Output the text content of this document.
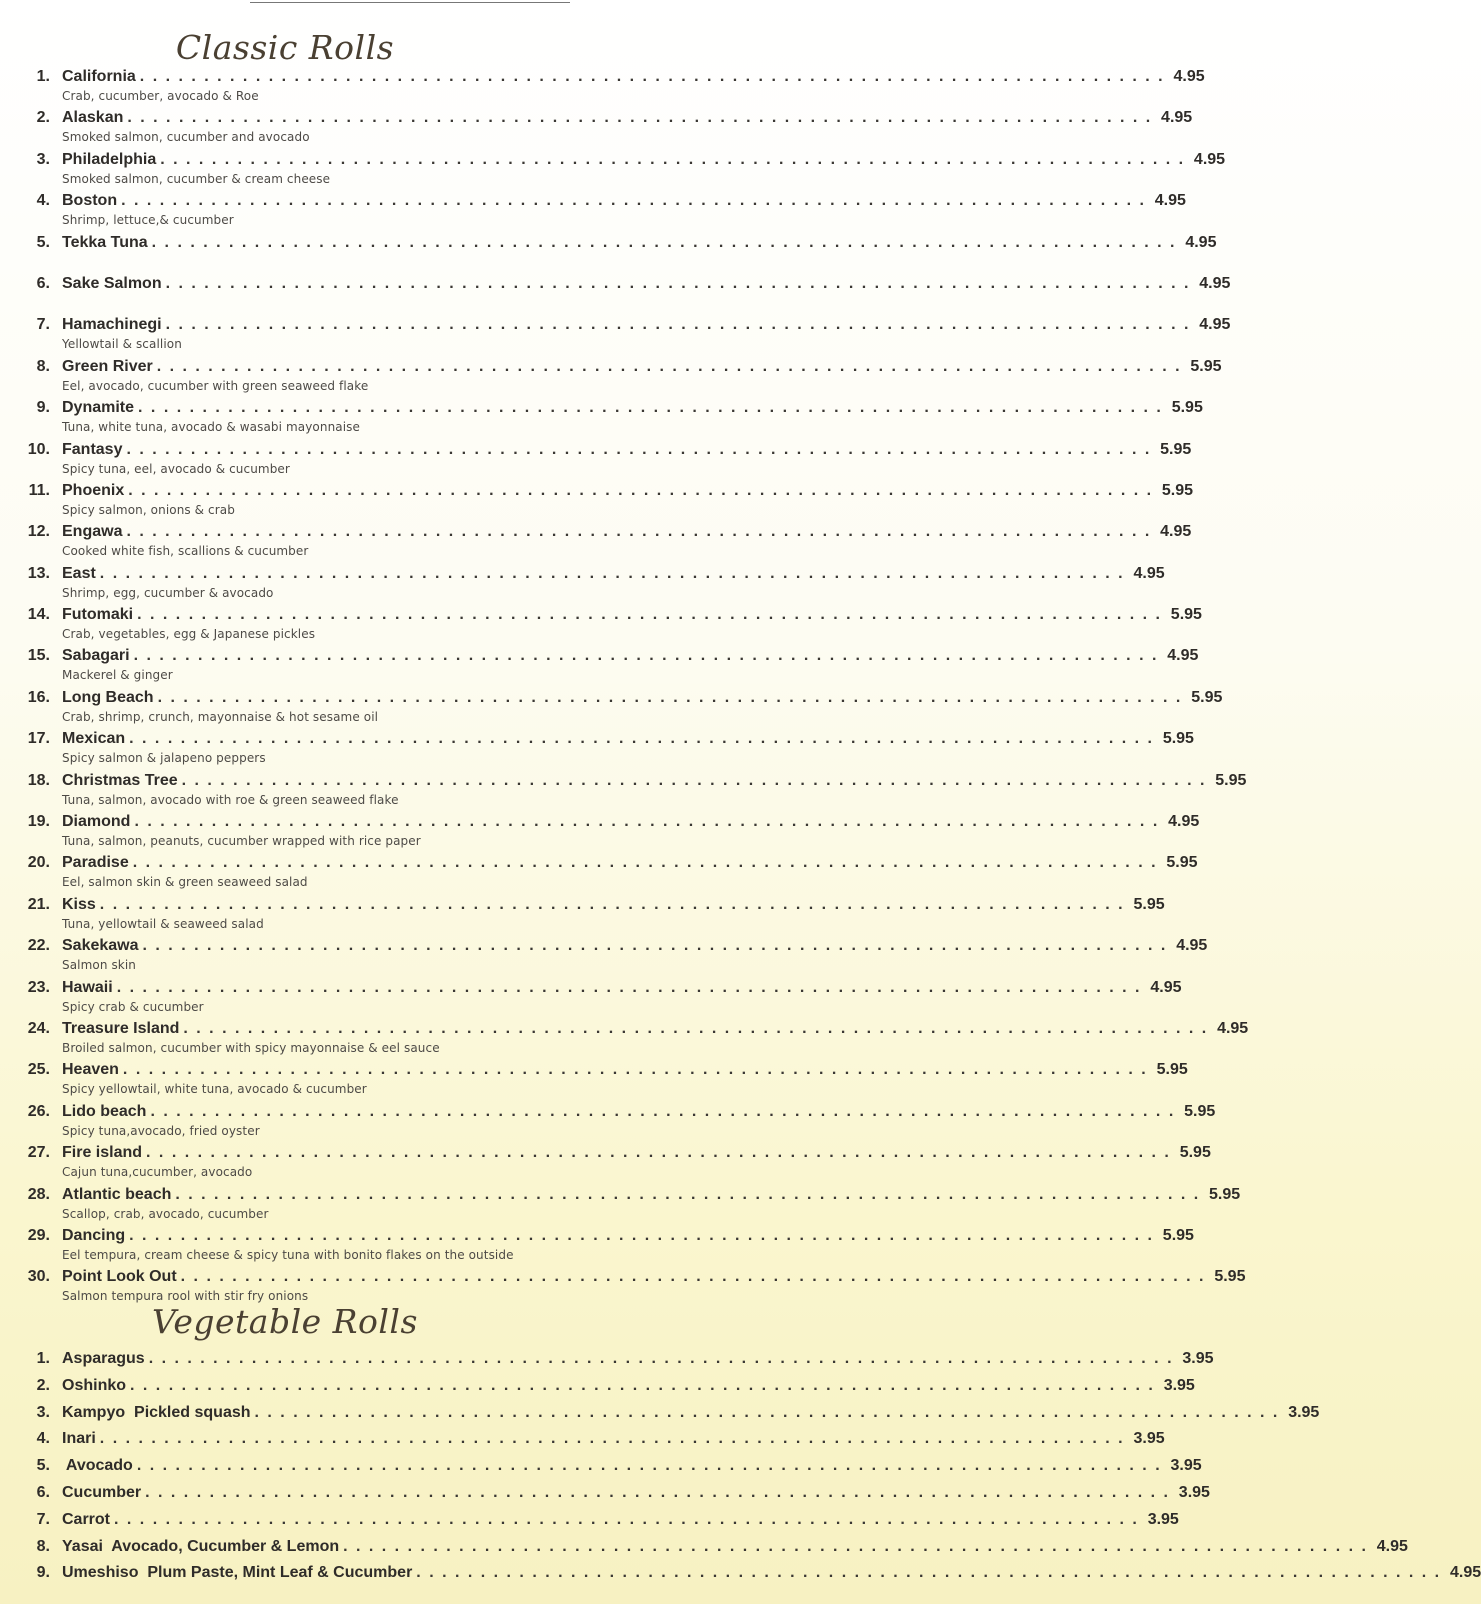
Classic Rolls
1. California . . . . . . . . . . . . . . . . . . . . . . . . . . . . . . . . . . . . . . . . . . . . . . . . . . . . . . . . . . . . . . . . . . . . . . . . . . . . . . . . 4.95
Crab, cucumber, avocado & Roe
2. Alaskan . . . . . . . . . . . . . . . . . . . . . . . . . . . . . . . . . . . . . . . . . . . . . . . . . . . . . . . . . . . . . . . . . . . . . . . . . . . . . . . . 4.95
Smoked salmon, cucumber and avocado
3. Philadelphia . . . . . . . . . . . . . . . . . . . . . . . . . . . . . . . . . . . . . . . . . . . . . . . . . . . . . . . . . . . . . . . . . . . . . . . . . . . . . . . . 4.95
Smoked salmon, cucumber & cream cheese
4. Boston . . . . . . . . . . . . . . . . . . . . . . . . . . . . . . . . . . . . . . . . . . . . . . . . . . . . . . . . . . . . . . . . . . . . . . . . . . . . . . . . 4.95
Shrimp, lettuce,& cucumber
5. Tekka Tuna . . . . . . . . . . . . . . . . . . . . . . . . . . . . . . . . . . . . . . . . . . . . . . . . . . . . . . . . . . . . . . . . . . . . . . . . . . . . . . . . 4.95
6. Sake Salmon . . . . . . . . . . . . . . . . . . . . . . . . . . . . . . . . . . . . . . . . . . . . . . . . . . . . . . . . . . . . . . . . . . . . . . . . . . . . . . . . 4.95
7. Hamachinegi . . . . . . . . . . . . . . . . . . . . . . . . . . . . . . . . . . . . . . . . . . . . . . . . . . . . . . . . . . . . . . . . . . . . . . . . . . . . . . . . 4.95
Yellowtail & scallion
8. Green River . . . . . . . . . . . . . . . . . . . . . . . . . . . . . . . . . . . . . . . . . . . . . . . . . . . . . . . . . . . . . . . . . . . . . . . . . . . . . . . . 5.95
Eel, avocado, cucumber with green seaweed flake
9. Dynamite . . . . . . . . . . . . . . . . . . . . . . . . . . . . . . . . . . . . . . . . . . . . . . . . . . . . . . . . . . . . . . . . . . . . . . . . . . . . . . . . 5.95
Tuna, white tuna, avocado & wasabi mayonnaise
10. Fantasy . . . . . . . . . . . . . . . . . . . . . . . . . . . . . . . . . . . . . . . . . . . . . . . . . . . . . . . . . . . . . . . . . . . . . . . . . . . . . . . . 5.95
Spicy tuna, eel, avocado & cucumber
11. Phoenix . . . . . . . . . . . . . . . . . . . . . . . . . . . . . . . . . . . . . . . . . . . . . . . . . . . . . . . . . . . . . . . . . . . . . . . . . . . . . . . . 5.95
Spicy salmon, onions & crab
12. Engawa . . . . . . . . . . . . . . . . . . . . . . . . . . . . . . . . . . . . . . . . . . . . . . . . . . . . . . . . . . . . . . . . . . . . . . . . . . . . . . . . 4.95
Cooked white fish, scallions & cucumber
13. East . . . . . . . . . . . . . . . . . . . . . . . . . . . . . . . . . . . . . . . . . . . . . . . . . . . . . . . . . . . . . . . . . . . . . . . . . . . . . . . . 4.95
Shrimp, egg, cucumber & avocado
14. Futomaki . . . . . . . . . . . . . . . . . . . . . . . . . . . . . . . . . . . . . . . . . . . . . . . . . . . . . . . . . . . . . . . . . . . . . . . . . . . . . . . . 5.95
Crab, vegetables, egg & Japanese pickles
15. Sabagari . . . . . . . . . . . . . . . . . . . . . . . . . . . . . . . . . . . . . . . . . . . . . . . . . . . . . . . . . . . . . . . . . . . . . . . . . . . . . . . . 4.95
Mackerel & ginger
16. Long Beach . . . . . . . . . . . . . . . . . . . . . . . . . . . . . . . . . . . . . . . . . . . . . . . . . . . . . . . . . . . . . . . . . . . . . . . . . . . . . . . . 5.95
Crab, shrimp, crunch, mayonnaise & hot sesame oil
17. Mexican . . . . . . . . . . . . . . . . . . . . . . . . . . . . . . . . . . . . . . . . . . . . . . . . . . . . . . . . . . . . . . . . . . . . . . . . . . . . . . . . 5.95
Spicy salmon & jalapeno peppers
18. Christmas Tree . . . . . . . . . . . . . . . . . . . . . . . . . . . . . . . . . . . . . . . . . . . . . . . . . . . . . . . . . . . . . . . . . . . . . . . . . . . . . . . . 5.95
Tuna, salmon, avocado with roe & green seaweed flake
19. Diamond . . . . . . . . . . . . . . . . . . . . . . . . . . . . . . . . . . . . . . . . . . . . . . . . . . . . . . . . . . . . . . . . . . . . . . . . . . . . . . . . 4.95
Tuna, salmon, peanuts, cucumber wrapped with rice paper
20. Paradise . . . . . . . . . . . . . . . . . . . . . . . . . . . . . . . . . . . . . . . . . . . . . . . . . . . . . . . . . . . . . . . . . . . . . . . . . . . . . . . . 5.95
Eel, salmon skin & green seaweed salad
21. Kiss . . . . . . . . . . . . . . . . . . . . . . . . . . . . . . . . . . . . . . . . . . . . . . . . . . . . . . . . . . . . . . . . . . . . . . . . . . . . . . . . 5.95
Tuna, yellowtail & seaweed salad
22. Sakekawa . . . . . . . . . . . . . . . . . . . . . . . . . . . . . . . . . . . . . . . . . . . . . . . . . . . . . . . . . . . . . . . . . . . . . . . . . . . . . . . . 4.95
Salmon skin
23. Hawaii . . . . . . . . . . . . . . . . . . . . . . . . . . . . . . . . . . . . . . . . . . . . . . . . . . . . . . . . . . . . . . . . . . . . . . . . . . . . . . . . 4.95
Spicy crab & cucumber
24. Treasure Island . . . . . . . . . . . . . . . . . . . . . . . . . . . . . . . . . . . . . . . . . . . . . . . . . . . . . . . . . . . . . . . . . . . . . . . . . . . . . . . . 4.95
Broiled salmon, cucumber with spicy mayonnaise & eel sauce
25. Heaven . . . . . . . . . . . . . . . . . . . . . . . . . . . . . . . . . . . . . . . . . . . . . . . . . . . . . . . . . . . . . . . . . . . . . . . . . . . . . . . . 5.95
Spicy yellowtail, white tuna, avocado & cucumber
26. Lido beach . . . . . . . . . . . . . . . . . . . . . . . . . . . . . . . . . . . . . . . . . . . . . . . . . . . . . . . . . . . . . . . . . . . . . . . . . . . . . . . . 5.95
Spicy tuna,avocado, fried oyster
27. Fire island . . . . . . . . . . . . . . . . . . . . . . . . . . . . . . . . . . . . . . . . . . . . . . . . . . . . . . . . . . . . . . . . . . . . . . . . . . . . . . . . 5.95
Cajun tuna,cucumber, avocado
28. Atlantic beach . . . . . . . . . . . . . . . . . . . . . . . . . . . . . . . . . . . . . . . . . . . . . . . . . . . . . . . . . . . . . . . . . . . . . . . . . . . . . . . . 5.95
Scallop, crab, avocado, cucumber
29. Dancing . . . . . . . . . . . . . . . . . . . . . . . . . . . . . . . . . . . . . . . . . . . . . . . . . . . . . . . . . . . . . . . . . . . . . . . . . . . . . . . . 5.95
Eel tempura, cream cheese & spicy tuna with bonito flakes on the outside
30. Point Look Out . . . . . . . . . . . . . . . . . . . . . . . . . . . . . . . . . . . . . . . . . . . . . . . . . . . . . . . . . . . . . . . . . . . . . . . . . . . . . . . . 5.95
Salmon tempura rool with stir fry onions
Vegetable Rolls
1. Asparagus . . . . . . . . . . . . . . . . . . . . . . . . . . . . . . . . . . . . . . . . . . . . . . . . . . . . . . . . . . . . . . . . . . . . . . . . . . . . . . . . 3.95
2. Oshinko . . . . . . . . . . . . . . . . . . . . . . . . . . . . . . . . . . . . . . . . . . . . . . . . . . . . . . . . . . . . . . . . . . . . . . . . . . . . . . . . 3.95
3. Kampyo  Pickled squash . . . . . . . . . . . . . . . . . . . . . . . . . . . . . . . . . . . . . . . . . . . . . . . . . . . . . . . . . . . . . . . . . . . . . . . . . . . . . . . . 3.95
4. Inari . . . . . . . . . . . . . . . . . . . . . . . . . . . . . . . . . . . . . . . . . . . . . . . . . . . . . . . . . . . . . . . . . . . . . . . . . . . . . . . . 3.95
5. Avocado . . . . . . . . . . . . . . . . . . . . . . . . . . . . . . . . . . . . . . . . . . . . . . . . . . . . . . . . . . . . . . . . . . . . . . . . . . . . . . . . 3.95
6. Cucumber . . . . . . . . . . . . . . . . . . . . . . . . . . . . . . . . . . . . . . . . . . . . . . . . . . . . . . . . . . . . . . . . . . . . . . . . . . . . . . . . 3.95
7. Carrot . . . . . . . . . . . . . . . . . . . . . . . . . . . . . . . . . . . . . . . . . . . . . . . . . . . . . . . . . . . . . . . . . . . . . . . . . . . . . . . . 3.95
8. Yasai  Avocado, Cucumber & Lemon . . . . . . . . . . . . . . . . . . . . . . . . . . . . . . . . . . . . . . . . . . . . . . . . . . . . . . . . . . . . . . . . . . . . . . . . . . . . . . . . 4.95
9. Umeshiso  Plum Paste, Mint Leaf & Cucumber . . . . . . . . . . . . . . . . . . . . . . . . . . . . . . . . . . . . . . . . . . . . . . . . . . . . . . . . . . . . . . . . . . . . . . . . . . . . . . . . 4.95
